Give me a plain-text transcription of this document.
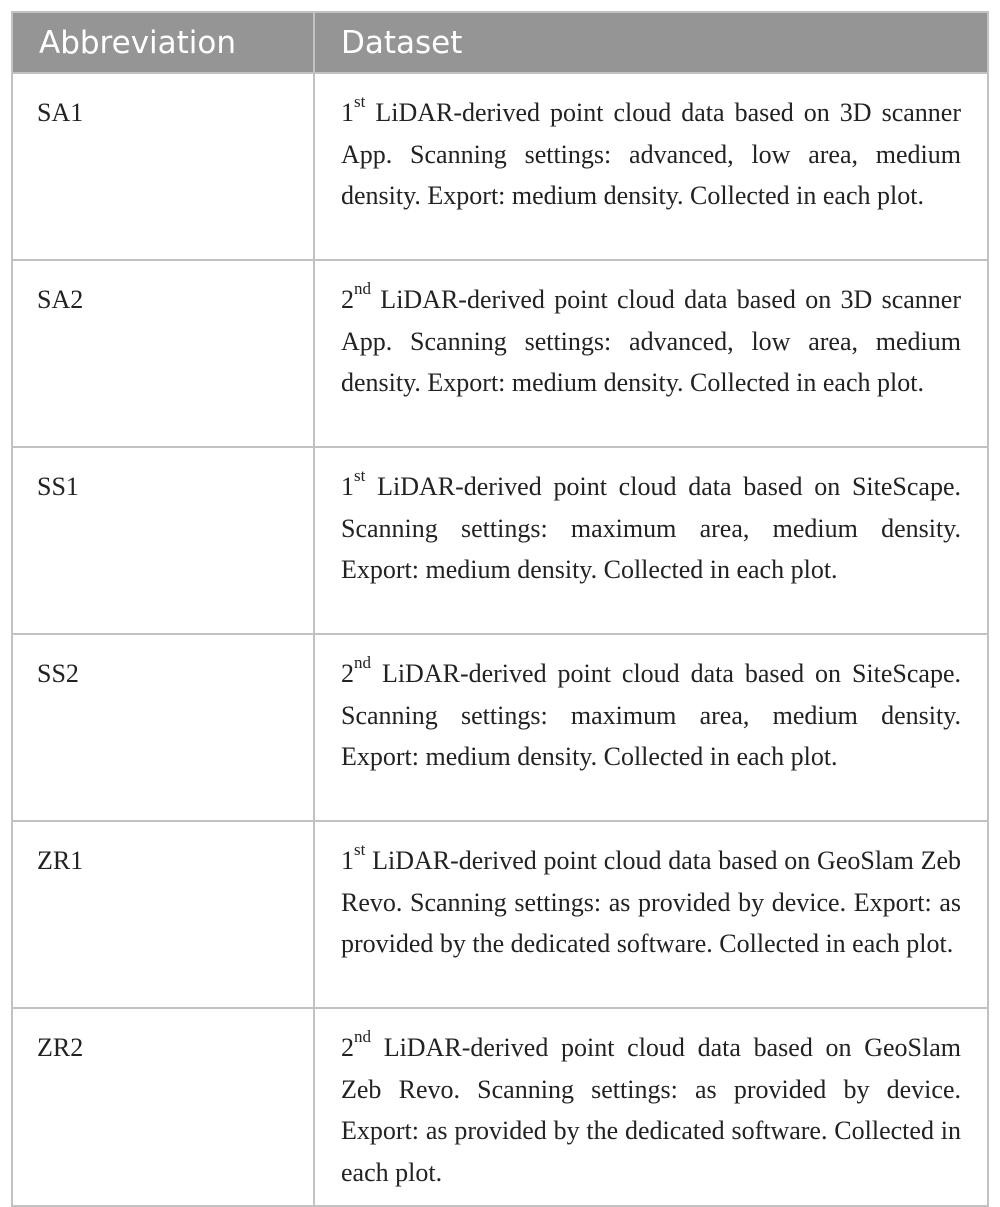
Abbreviation	Dataset
SA1	1st LiDAR-derived point cloud data based on 3D scanner App. Scanning settings: advanced, low area, medium density. Export: medium density. Collected in each plot.
SA2	2nd LiDAR-derived point cloud data based on 3D scanner App. Scanning settings: advanced, low area, medium density. Export: medium density. Collected in each plot.
SS1	1st LiDAR-derived point cloud data based on SiteScape. Scanning settings: maximum area, medium density. Export: medium density. Collected in each plot.
SS2	2nd LiDAR-derived point cloud data based on SiteScape. Scanning settings: maximum area, medium density. Export: medium density. Collected in each plot.
ZR1	1st LiDAR-derived point cloud data based on GeoSlam Zeb Revo. Scanning settings: as provided by device. Export: as provided by the dedicated software. Collected in each plot.
ZR2	2nd LiDAR-derived point cloud data based on GeoSlam Zeb Revo. Scanning settings: as provided by device. Export: as provided by the dedicated software. Collected in each plot.
